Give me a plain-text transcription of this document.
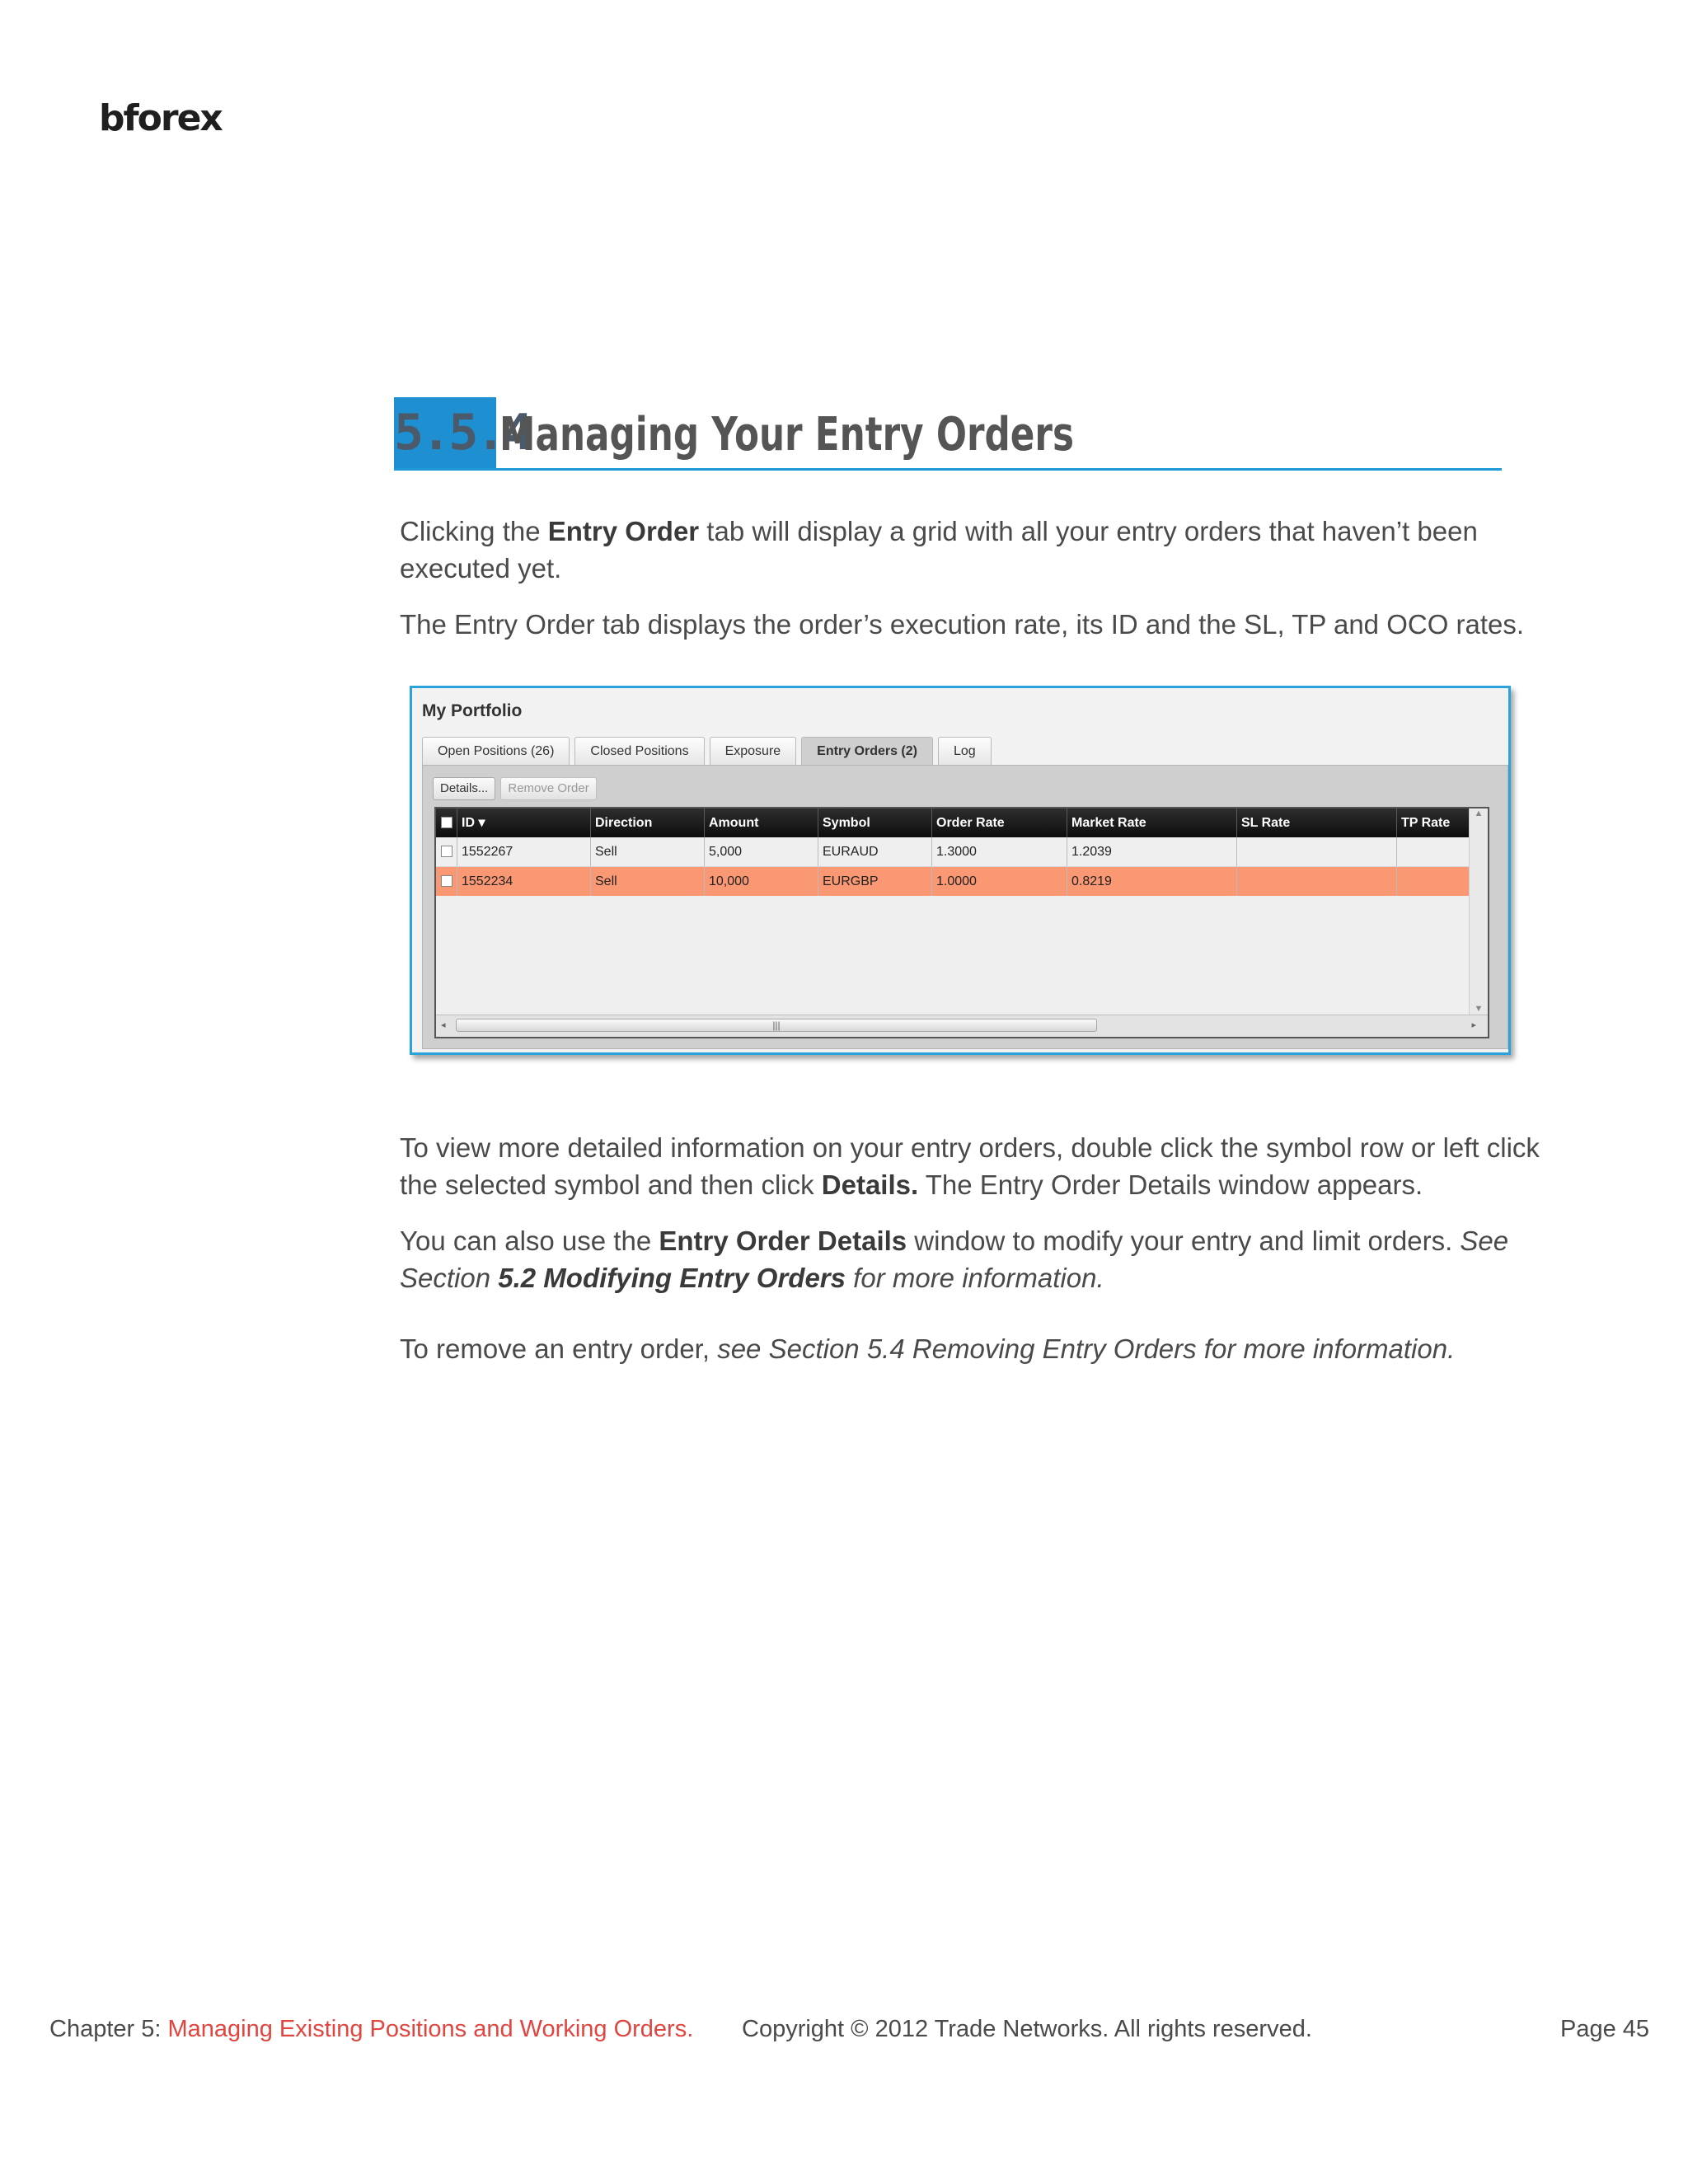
bforex
5.5.4
Managing Your Entry Orders
Clicking the Entry Order tab will display a grid with all your entry orders that haven’t been executed yet.
The Entry Order tab displays the order’s execution rate, its ID and the SL, TP and OCO rates.
My Portfolio
Open Positions (26)	Closed Positions	Exposure	Entry Orders (2)	Log
Details...	Remove Order
ID ▾	Direction	Amount	Symbol	Order Rate	Market Rate	SL Rate	TP Rate
1552267	Sell	5,000	EURAUD	1.3000	1.2039
1552234	Sell	10,000	EURGBP	1.0000	0.8219
▲
▼
◂	|||	▸
To view more detailed information on your entry orders, double click the symbol row or left click the selected symbol and then click Details. The Entry Order Details window appears.
You can also use the Entry Order Details window to modify your entry and limit orders. See Section 5.2 Modifying Entry Orders for more information.
To remove an entry order, see Section 5.4 Removing Entry Orders for more information.
Chapter 5: Managing Existing Positions and Working Orders. Copyright © 2012 Trade Networks. All rights reserved.	Page 45
